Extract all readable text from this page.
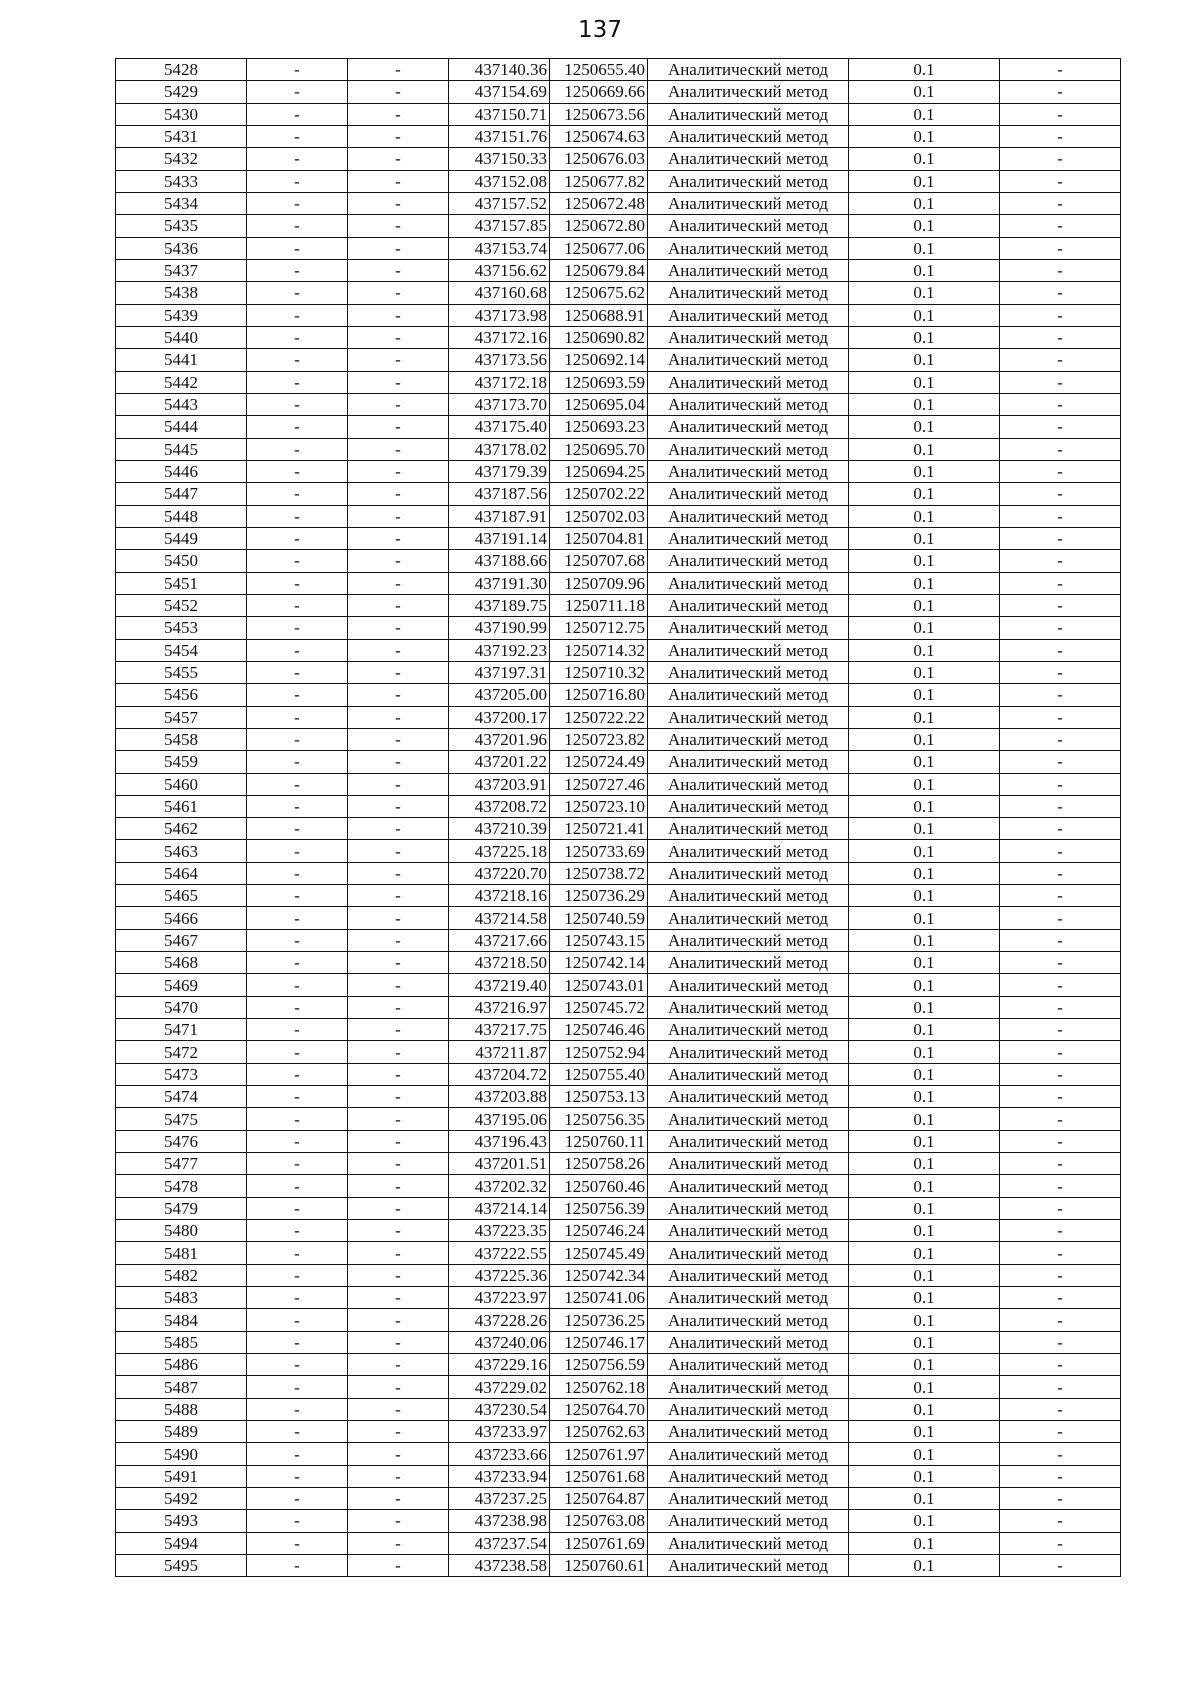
137
5428	-	-	437140.36	1250655.40	Аналитический метод	0.1	-
5429	-	-	437154.69	1250669.66	Аналитический метод	0.1	-
5430	-	-	437150.71	1250673.56	Аналитический метод	0.1	-
5431	-	-	437151.76	1250674.63	Аналитический метод	0.1	-
5432	-	-	437150.33	1250676.03	Аналитический метод	0.1	-
5433	-	-	437152.08	1250677.82	Аналитический метод	0.1	-
5434	-	-	437157.52	1250672.48	Аналитический метод	0.1	-
5435	-	-	437157.85	1250672.80	Аналитический метод	0.1	-
5436	-	-	437153.74	1250677.06	Аналитический метод	0.1	-
5437	-	-	437156.62	1250679.84	Аналитический метод	0.1	-
5438	-	-	437160.68	1250675.62	Аналитический метод	0.1	-
5439	-	-	437173.98	1250688.91	Аналитический метод	0.1	-
5440	-	-	437172.16	1250690.82	Аналитический метод	0.1	-
5441	-	-	437173.56	1250692.14	Аналитический метод	0.1	-
5442	-	-	437172.18	1250693.59	Аналитический метод	0.1	-
5443	-	-	437173.70	1250695.04	Аналитический метод	0.1	-
5444	-	-	437175.40	1250693.23	Аналитический метод	0.1	-
5445	-	-	437178.02	1250695.70	Аналитический метод	0.1	-
5446	-	-	437179.39	1250694.25	Аналитический метод	0.1	-
5447	-	-	437187.56	1250702.22	Аналитический метод	0.1	-
5448	-	-	437187.91	1250702.03	Аналитический метод	0.1	-
5449	-	-	437191.14	1250704.81	Аналитический метод	0.1	-
5450	-	-	437188.66	1250707.68	Аналитический метод	0.1	-
5451	-	-	437191.30	1250709.96	Аналитический метод	0.1	-
5452	-	-	437189.75	1250711.18	Аналитический метод	0.1	-
5453	-	-	437190.99	1250712.75	Аналитический метод	0.1	-
5454	-	-	437192.23	1250714.32	Аналитический метод	0.1	-
5455	-	-	437197.31	1250710.32	Аналитический метод	0.1	-
5456	-	-	437205.00	1250716.80	Аналитический метод	0.1	-
5457	-	-	437200.17	1250722.22	Аналитический метод	0.1	-
5458	-	-	437201.96	1250723.82	Аналитический метод	0.1	-
5459	-	-	437201.22	1250724.49	Аналитический метод	0.1	-
5460	-	-	437203.91	1250727.46	Аналитический метод	0.1	-
5461	-	-	437208.72	1250723.10	Аналитический метод	0.1	-
5462	-	-	437210.39	1250721.41	Аналитический метод	0.1	-
5463	-	-	437225.18	1250733.69	Аналитический метод	0.1	-
5464	-	-	437220.70	1250738.72	Аналитический метод	0.1	-
5465	-	-	437218.16	1250736.29	Аналитический метод	0.1	-
5466	-	-	437214.58	1250740.59	Аналитический метод	0.1	-
5467	-	-	437217.66	1250743.15	Аналитический метод	0.1	-
5468	-	-	437218.50	1250742.14	Аналитический метод	0.1	-
5469	-	-	437219.40	1250743.01	Аналитический метод	0.1	-
5470	-	-	437216.97	1250745.72	Аналитический метод	0.1	-
5471	-	-	437217.75	1250746.46	Аналитический метод	0.1	-
5472	-	-	437211.87	1250752.94	Аналитический метод	0.1	-
5473	-	-	437204.72	1250755.40	Аналитический метод	0.1	-
5474	-	-	437203.88	1250753.13	Аналитический метод	0.1	-
5475	-	-	437195.06	1250756.35	Аналитический метод	0.1	-
5476	-	-	437196.43	1250760.11	Аналитический метод	0.1	-
5477	-	-	437201.51	1250758.26	Аналитический метод	0.1	-
5478	-	-	437202.32	1250760.46	Аналитический метод	0.1	-
5479	-	-	437214.14	1250756.39	Аналитический метод	0.1	-
5480	-	-	437223.35	1250746.24	Аналитический метод	0.1	-
5481	-	-	437222.55	1250745.49	Аналитический метод	0.1	-
5482	-	-	437225.36	1250742.34	Аналитический метод	0.1	-
5483	-	-	437223.97	1250741.06	Аналитический метод	0.1	-
5484	-	-	437228.26	1250736.25	Аналитический метод	0.1	-
5485	-	-	437240.06	1250746.17	Аналитический метод	0.1	-
5486	-	-	437229.16	1250756.59	Аналитический метод	0.1	-
5487	-	-	437229.02	1250762.18	Аналитический метод	0.1	-
5488	-	-	437230.54	1250764.70	Аналитический метод	0.1	-
5489	-	-	437233.97	1250762.63	Аналитический метод	0.1	-
5490	-	-	437233.66	1250761.97	Аналитический метод	0.1	-
5491	-	-	437233.94	1250761.68	Аналитический метод	0.1	-
5492	-	-	437237.25	1250764.87	Аналитический метод	0.1	-
5493	-	-	437238.98	1250763.08	Аналитический метод	0.1	-
5494	-	-	437237.54	1250761.69	Аналитический метод	0.1	-
5495	-	-	437238.58	1250760.61	Аналитический метод	0.1	-
